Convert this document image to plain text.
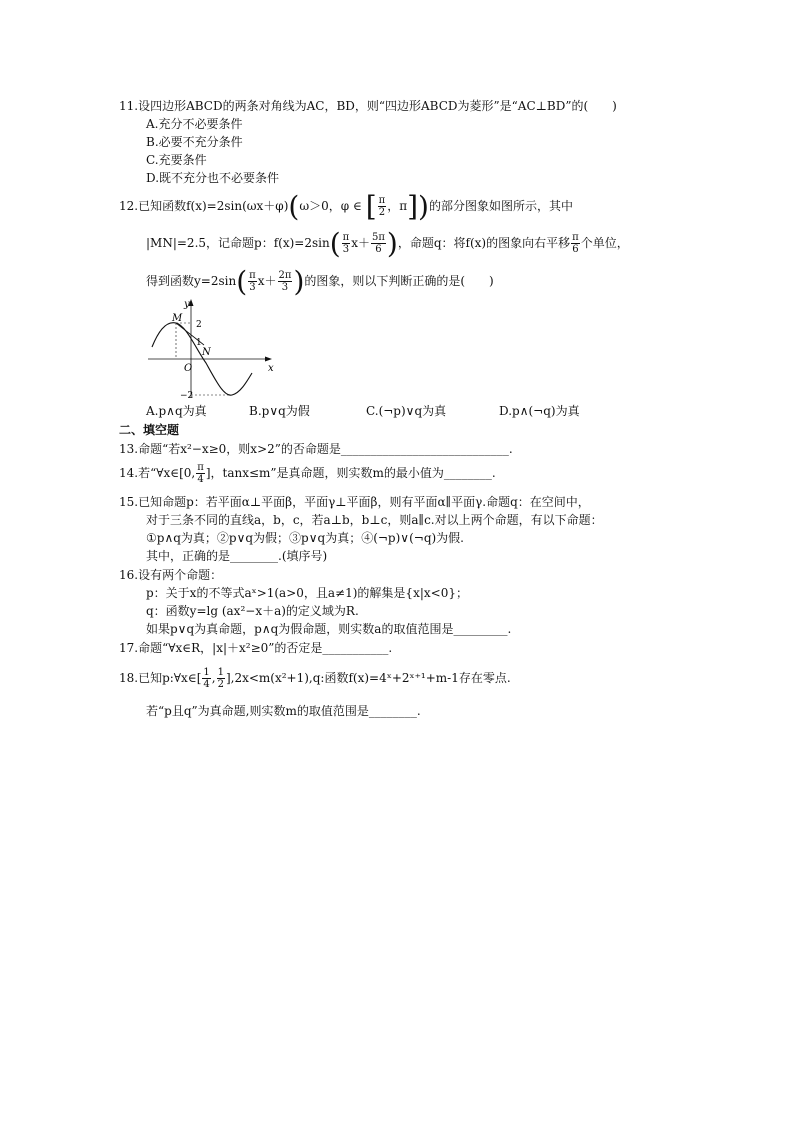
11.设四边形ABCD的两条对角线为AC，BD，则“四边形ABCD为菱形”是“AC⊥BD”的(　　)
A.充分不必要条件
B.必要不充分条件
C.充要条件
D.既不充分也不必要条件
12.已知函数f(x)=2sin(ωx＋φ)(ω＞0，φ ∈ [ $\frac{\pi}{2}$ ，π])的部分图象如图所示，其中
|MN|=2.5，记命题p：$f(x)=2\sin( \frac{\pi}{3} x+ \frac{5\pi}{6}$ )，命题q：将f(x)的图象向右平移 $\frac{\pi}{6}$ 个单位，
得到函数$y=2\sin( \frac{\pi}{3} x+ \frac{2\pi}{3}$ )的图象，则以下判断正确的是(　　)
y
x
M
N
O
2
1
−2
A.p∧q为真	B.p∨q为假	C.(¬p)∨q为真	D.p∧(¬q)为真
二、填空题
13.命题“若x²−x≥0，则x>2”的否命题是____________________________.
14.若“∀x∈[0, $\frac{\pi}{4}$ ]，tanx≤m”是真命题，则实数m的最小值为________.
15.已知命题p：若平面α⊥平面β，平面γ⊥平面β，则有平面α∥平面γ.命题q：在空间中，
对于三条不同的直线a，b，c，若a⊥b，b⊥c，则a∥c.对以上两个命题，有以下命题：
①p∧q为真；②p∨q为假；③p∨q为真；④(¬p)∨(¬q)为假.
其中，正确的是________.(填序号)
16.设有两个命题：
p：关于x的不等式aˣ>1(a>0，且a≠1)的解集是{x|x<0}；
q：函数y=lg (ax²−x＋a)的定义域为R.
如果p∨q为真命题，p∧q为假命题，则实数a的取值范围是_________.
17.命题“∀x∈R，|x|＋x²≥0”的否定是___________.
18.已知p:∀x∈[ $\frac{1}{4}$ , $\frac{1}{2} ],2x<m(x^2+1),q$:函数f(x)=4ˣ+2ˣ⁺¹+m-1存在零点.
若“p且q”为真命题,则实数m的取值范围是________.
